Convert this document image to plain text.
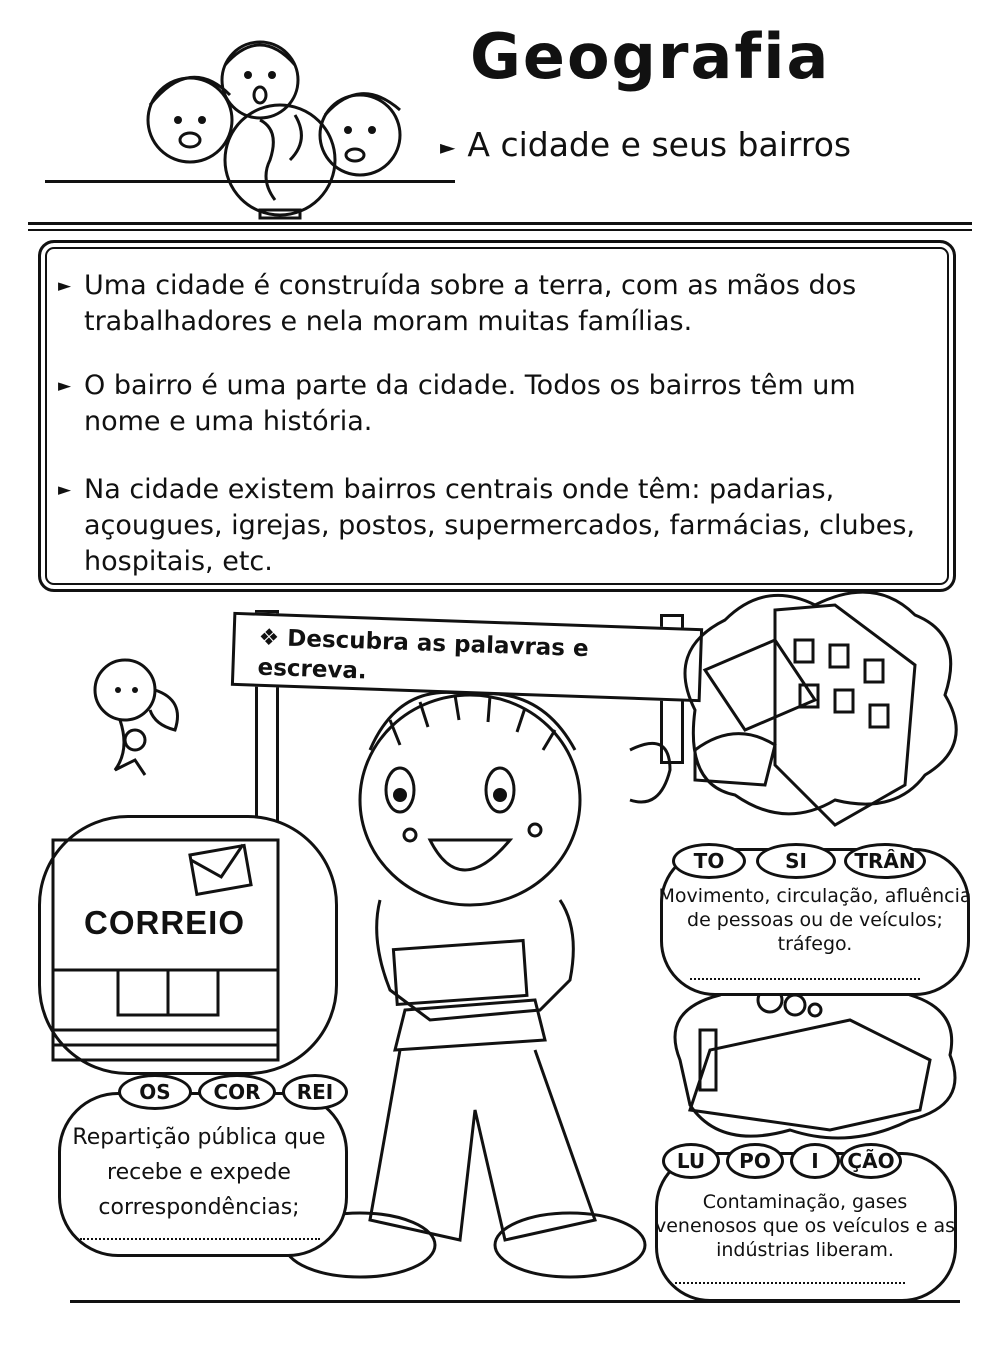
Geografia
► A cidade e seus bairros
► Uma cidade é construída sobre a terra, com as mãos dos trabalhadores e nela moram muitas famílias.
► O bairro é uma parte da cidade. Todos os bairros têm um nome e uma história.
► Na cidade existem bairros centrais onde têm: padarias, açougues, igrejas, postos, supermercados, farmácias, clubes, hospitais, etc.
❖ Descubra as palavras e escreva.
CORREIO
OS	COR	REI
Repartição pública que recebe e expede correspondências;
TO	SI	TRÂN
Movimento, circulação, afluência de pessoas ou de veículos; tráfego.
LU	PO	I	ÇÃO
Contaminação, gases venenosos que os veículos e as indústrias liberam.
